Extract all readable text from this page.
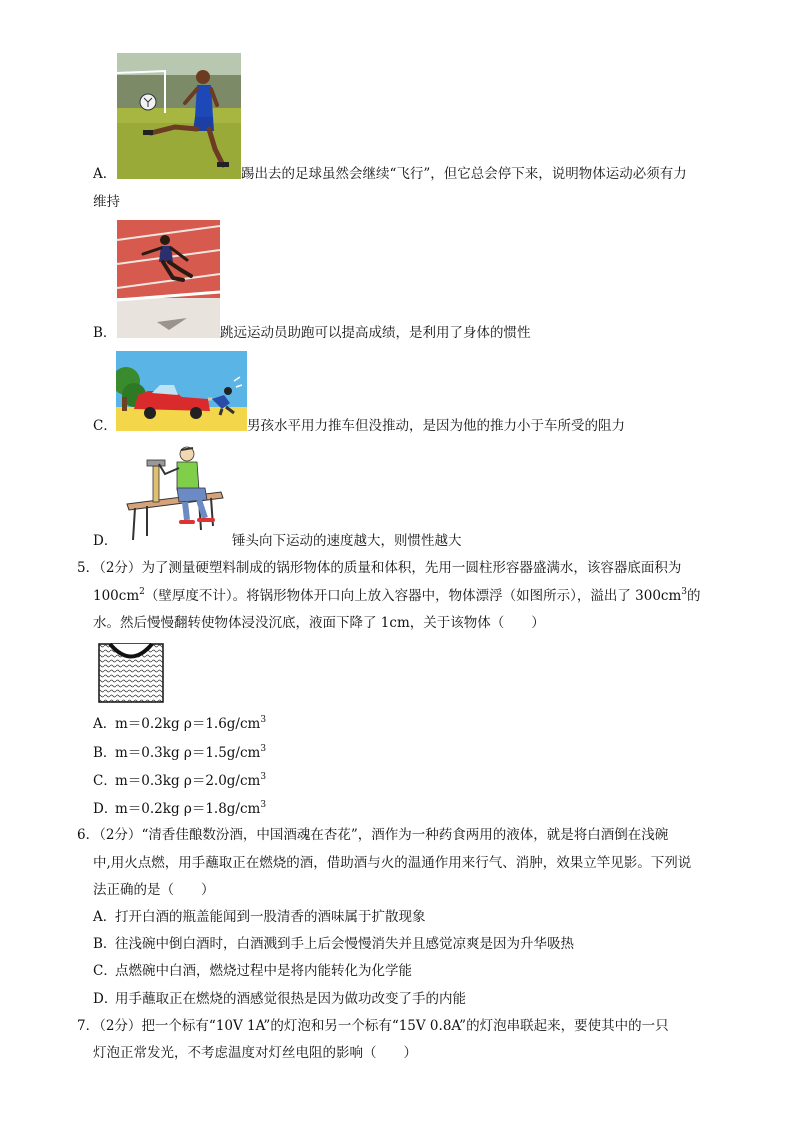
A．	踢出去的足球虽然会继续“飞行”，但它总会停下来，说明物体运动必须有力
维持
B．	跳远运动员助跑可以提高成绩，是利用了身体的惯性
C．	男孩水平用力推车但没推动，是因为他的推力小于车所受的阻力
D．	锤头向下运动的速度越大，则惯性越大
5．（2分）为了测量硬塑料制成的锅形物体的质量和体积，先用一圆柱形容器盛满水，该容器底面积为
$100cm^2$（壁厚度不计）。将锅形物体开口向上放入容器中，物体漂浮（如图所示），溢出了 $300cm^3$的
水。然后慢慢翻转使物体浸没沉底，液面下降了 1cm，关于该物体（　　）
A．m＝0.2kg $\rho=1.6g/cm^3$
B．m＝0.3kg $\rho=1.5g/cm^3$
C．m＝0.3kg $\rho=2.0g/cm^3$
D．m＝0.2kg $\rho=1.8g/cm^3$
6．（2分）“清香佳酿数汾酒，中国酒魂在杏花”，酒作为一种药食两用的液体，就是将白酒倒在浅碗
中,用火点燃，用手蘸取正在燃烧的酒，借助酒与火的温通作用来行气、消肿，效果立竿见影。下列说
法正确的是（　　）
A．打开白酒的瓶盖能闻到一股清香的酒味属于扩散现象
B．往浅碗中倒白酒时，白酒溅到手上后会慢慢消失并且感觉凉爽是因为升华吸热
C．点燃碗中白酒，燃烧过程中是将内能转化为化学能
D．用手蘸取正在燃烧的酒感觉很热是因为做功改变了手的内能
7．（2分）把一个标有“10V 1A”的灯泡和另一个标有“15V 0.8A”的灯泡串联起来，要使其中的一只
灯泡正常发光，不考虑温度对灯丝电阻的影响（　　）
